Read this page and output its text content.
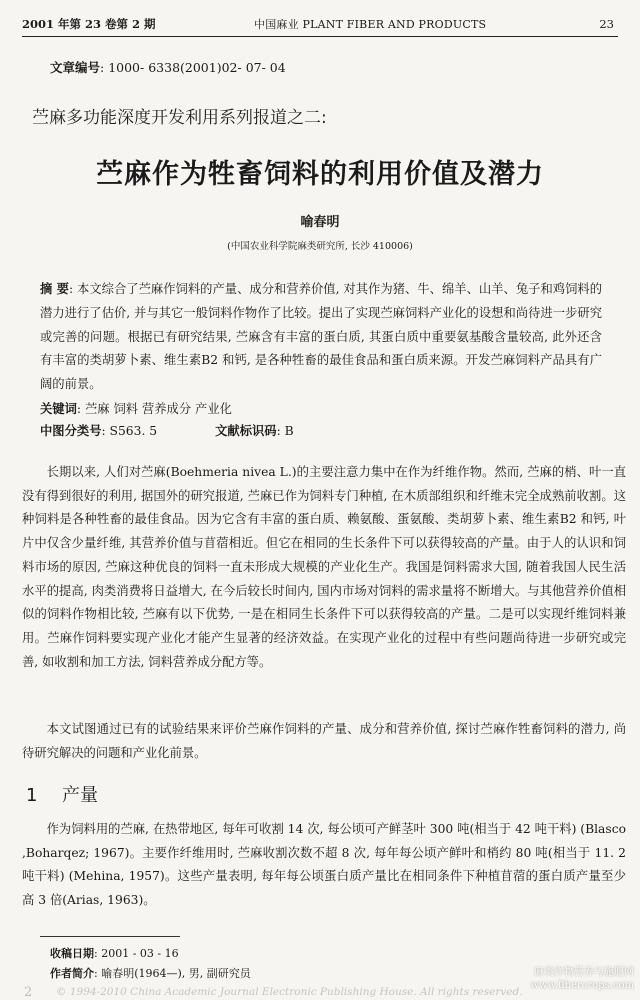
2001 年第 23 卷第 2 期	中国麻业 PLANT FIBER AND PRODUCTS	23
文章编号: 1000- 6338(2001)02- 07- 04
苎麻多功能深度开发利用系列报道之二:
苎麻作为牲畜饲料的利用价值及潜力
喻春明
(中国农业科学院麻类研究所, 长沙 410006)

摘 要: 本文综合了苎麻作饲料的产量、成分和营养价值, 对其作为猪、牛、绵羊、山羊、兔子和鸡饲料的潜力进行了估价, 并与其它一般饲料作物作了比较。提出了实现苎麻饲料产业化的设想和尚待进一步研究或完善的问题。根据已有研究结果, 苎麻含有丰富的蛋白质, 其蛋白质中重要氨基酸含量较高, 此外还含有丰富的类胡萝卜素、维生素B2 和钙, 是各种牲畜的最佳食品和蛋白质来源。开发苎麻饲料产品具有广阔的前景。

关键词: 苎麻 饲料 营养成分 产业化
中图分类号: S563. 5	文献标识码: B

长期以来, 人们对苎麻(Boehmeria nivea L.)的主要注意力集中在作为纤维作物。然而, 苎麻的梢、叶一直没有得到很好的利用, 据国外的研究报道, 苎麻已作为饲料专门种植, 在木质部组织和纤维未完全成熟前收割。这种饲料是各种牲畜的最佳食品。因为它含有丰富的蛋白质、赖氨酸、蛋氨酸、类胡萝卜素、维生素B2 和钙, 叶片中仅含少量纤维, 其营养价值与苜蓿相近。但它在相同的生长条件下可以获得较高的产量。由于人的认识和饲料市场的原因, 苎麻这种优良的饲料一直未形成大规模的产业化生产。我国是饲料需求大国, 随着我国人民生活水平的提高, 肉类消费将日益增大, 在今后较长时间内, 国内市场对饲料的需求量将不断增大。与其他营养价值相似的饲料作物相比较, 苎麻有以下优势, 一是在相同生长条件下可以获得较高的产量。二是可以实现纤维饲料兼用。苎麻作饲料要实现产业化才能产生显著的经济效益。在实现产业化的过程中有些问题尚待进一步研究或完善, 如收割和加工方法, 饲料营养成分配方等。

本文试图通过已有的试验结果来评价苎麻作饲料的产量、成分和营养价值, 探讨苎麻作牲畜饲料的潜力, 尚待研究解决的问题和产业化前景。

1 产量

作为饲料用的苎麻, 在热带地区, 每年可收割 14 次, 每公顷可产鲜茎叶 300 吨(相当于 42 吨干料) (Blasco ,Boharqez; 1967)。主要作纤维用时, 苎麻收割次数不超 8 次, 每年每公顷产鲜叶和梢约 80 吨(相当于 11. 2 吨干料) (Mehina, 1957)。这些产量表明, 每年每公顷蛋白质产量比在相同条件下种植苜蓿的蛋白质产量至少高 3 倍(Arias, 1963)。

收稿日期: 2001 - 03 - 16
作者简介: 喻春明(1964—), 男, 副研究员
2 © 1994-2010 China Academic Journal Electronic Publishing House. All rights reserved.
麻类作物营养与施肥网
www.fibercrops.com
